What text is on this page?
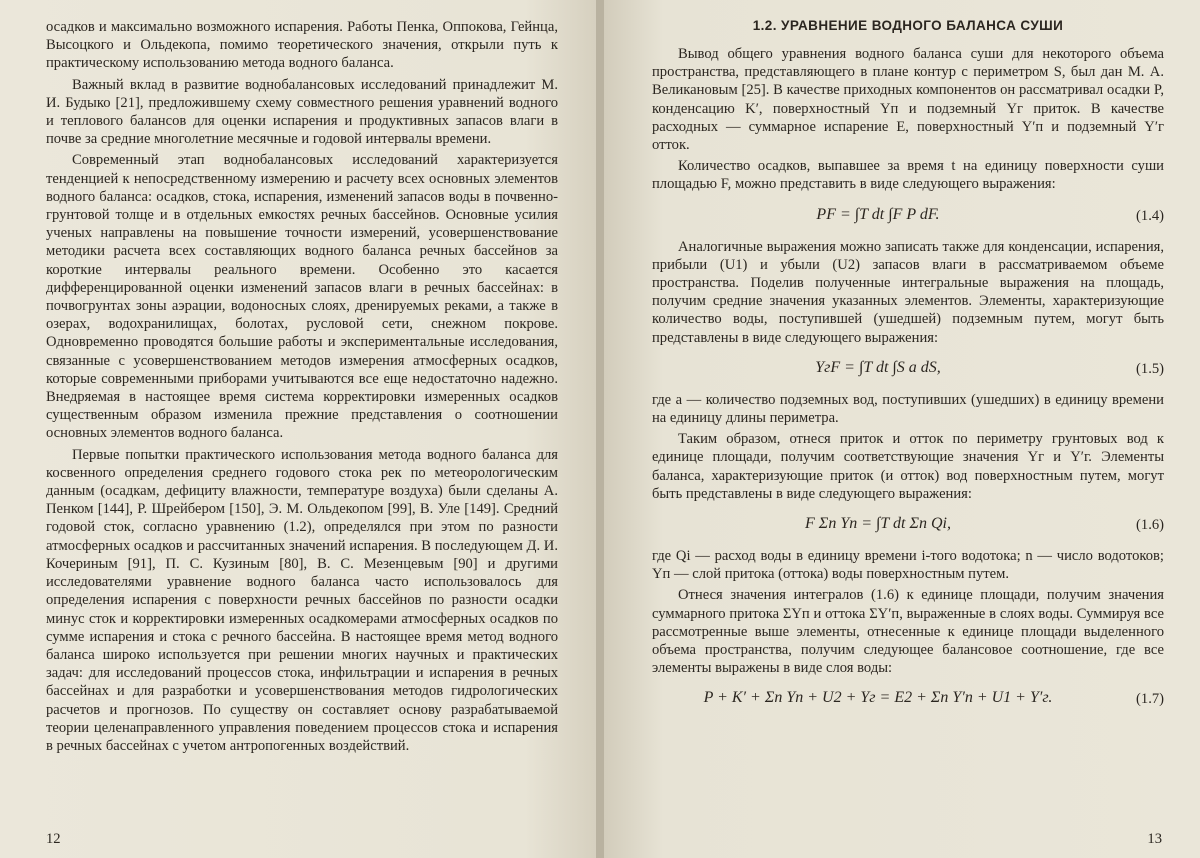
осадков и максимально возможного испарения. Работы Пенка, Оппокова, Гейнца, Высоцкого и Ольдекопа, помимо теоретического значения, открыли путь к практическому использованию метода водного баланса.

Важный вклад в развитие воднобалансовых исследований принадлежит М. И. Будыко [21], предложившему схему совместного решения уравнений водного и теплового балансов для оценки испарения и продуктивных запасов влаги в почве за средние многолетние месячные и годовой интервалы времени.

Современный этап воднобалансовых исследований характеризуется тенденцией к непосредственному измерению и расчету всех основных элементов водного баланса: осадков, стока, испарения, изменений запасов воды в почвенно-грунтовой толще и в отдельных емкостях речных бассейнов. Основные усилия ученых направлены на повышение точности измерений, усовершенствование методики расчета всех составляющих водного баланса речных бассейнов за короткие интервалы реального времени. Особенно это касается дифференцированной оценки изменений запасов влаги в речных бассейнах: в почвогрунтах зоны аэрации, водоносных слоях, дренируемых реками, а также в озерах, водохранилищах, болотах, русловой сети, снежном покрове. Одновременно проводятся большие работы и экспериментальные исследования, связанные с усовершенствованием методов измерения атмосферных осадков, которые современными приборами учитываются все еще недостаточно надежно. Внедряемая в настоящее время система корректировки измеренных осадков существенным образом изменила прежние представления о соотношении основных элементов водного баланса.

Первые попытки практического использования метода водного баланса для косвенного определения среднего годового стока рек по метеорологическим данным (осадкам, дефициту влажности, температуре воздуха) были сделаны А. Пенком [144], Р. Шрейбером [150], Э. М. Ольдекопом [99], В. Уле [149]. Средний годовой сток, согласно уравнению (1.2), определялся при этом по разности атмосферных осадков и рассчитанных значений испарения. В последующем Д. И. Кочериным [91], П. С. Кузиным [80], В. С. Мезенцевым [90] и другими исследователями уравнение водного баланса часто использовалось для определения испарения с поверхности речных бассейнов по разности осадки минус сток и корректировки измеренных осадкомерами атмосферных осадков по сумме испарения и стока с речного бассейна. В настоящее время метод водного баланса широко используется при решении многих научных и практических задач: для исследований процессов стока, инфильтрации и испарения в речных бассейнах и для разработки и усовершенствования методов гидрологических расчетов и прогнозов. По существу он составляет основу разрабатываемой теории целенаправленного управления поведением процессов стока и испарения в речных бассейнах с учетом антропогенных воздействий.

12
1.2. УРАВНЕНИЕ ВОДНОГО БАЛАНСА СУШИ

Вывод общего уравнения водного баланса суши для некоторого объема пространства, представляющего в плане контур с периметром S, был дан М. А. Великановым [25]. В качестве приходных компонентов он рассматривал осадки P, конденсацию K′, поверхностный Yп и подземный Yг приток. В качестве расходных — суммарное испарение E, поверхностный Y′п и подземный Y′г отток.

Количество осадков, выпавшее за время t на единицу поверхности суши площадью F, можно представить в виде следующего выражения:

PF = ∫T dt ∫F P dF.	(1.4)

Аналогичные выражения можно записать также для конденсации, испарения, прибыли (U1) и убыли (U2) запасов влаги в рассматриваемом объеме пространства. Поделив полученные интегральные выражения на площадь, получим средние значения указанных элементов. Элементы, характеризующие количество воды, поступившей (ушедшей) подземным путем, могут быть представлены в виде следующего выражения:

YгF = ∫T dt ∫S a dS,	(1.5)

где a — количество подземных вод, поступивших (ушедших) в единицу времени на единицу длины периметра.

Таким образом, отнеся приток и отток по периметру грунтовых вод к единице площади, получим соответствующие значения Yг и Y′г. Элементы баланса, характеризующие приток (и отток) вод поверхностным путем, могут быть представлены в виде следующего выражения:

F Σn Yп = ∫T dt Σn Qi,	(1.6)

где Qi — расход воды в единицу времени i-того водотока; n — число водотоков; Yп — слой притока (оттока) воды поверхностным путем.

Отнеся значения интегралов (1.6) к единице площади, получим значения суммарного притока ΣYп и оттока ΣY′п, выраженные в слоях воды. Суммируя все рассмотренные выше элементы, отнесенные к единице площади выделенного объема пространства, получим следующее балансовое соотношение, где все элементы выражены в виде слоя воды:

P + K′ + Σn Yп + U2 + Yг = E2 + Σn Y′п + U1 + Y′г.	(1.7)
13
